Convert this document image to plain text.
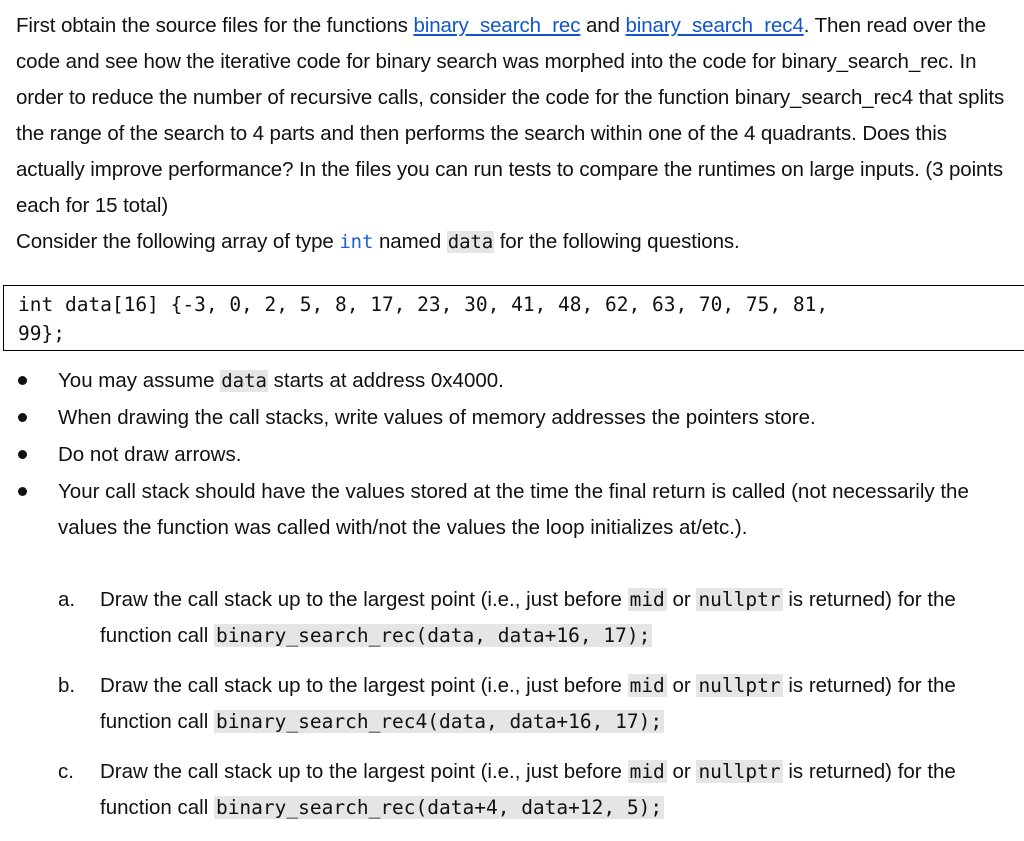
First obtain the source files for the functions binary_search_rec and binary_search_rec4. Then read over the code and see how the iterative code for binary search was morphed into the code for binary_search_rec. In order to reduce the number of recursive calls, consider the code for the function binary_search_rec4 that splits the range of the search to 4 parts and then performs the search within one of the 4 quadrants. Does this actually improve performance? In the files you can run tests to compare the runtimes on large inputs. (3 points each for 15 total)
Consider the following array of type int named data for the following questions.
int data[16] {-3, 0, 2, 5, 8, 17, 23, 30, 41, 48, 62, 63, 70, 75, 81,
99};
You may assume data starts at address 0x4000.
When drawing the call stacks, write values of memory addresses the pointers store.
Do not draw arrows.
Your call stack should have the values stored at the time the final return is called (not necessarily the values the function was called with/not the values the loop initializes at/etc.).
a. Draw the call stack up to the largest point (i.e., just before mid or nullptr is returned) for the function call binary_search_rec(data, data+16, 17);
b. Draw the call stack up to the largest point (i.e., just before mid or nullptr is returned) for the function call binary_search_rec4(data, data+16, 17);
c. Draw the call stack up to the largest point (i.e., just before mid or nullptr is returned) for the function call binary_search_rec(data+4, data+12, 5);
